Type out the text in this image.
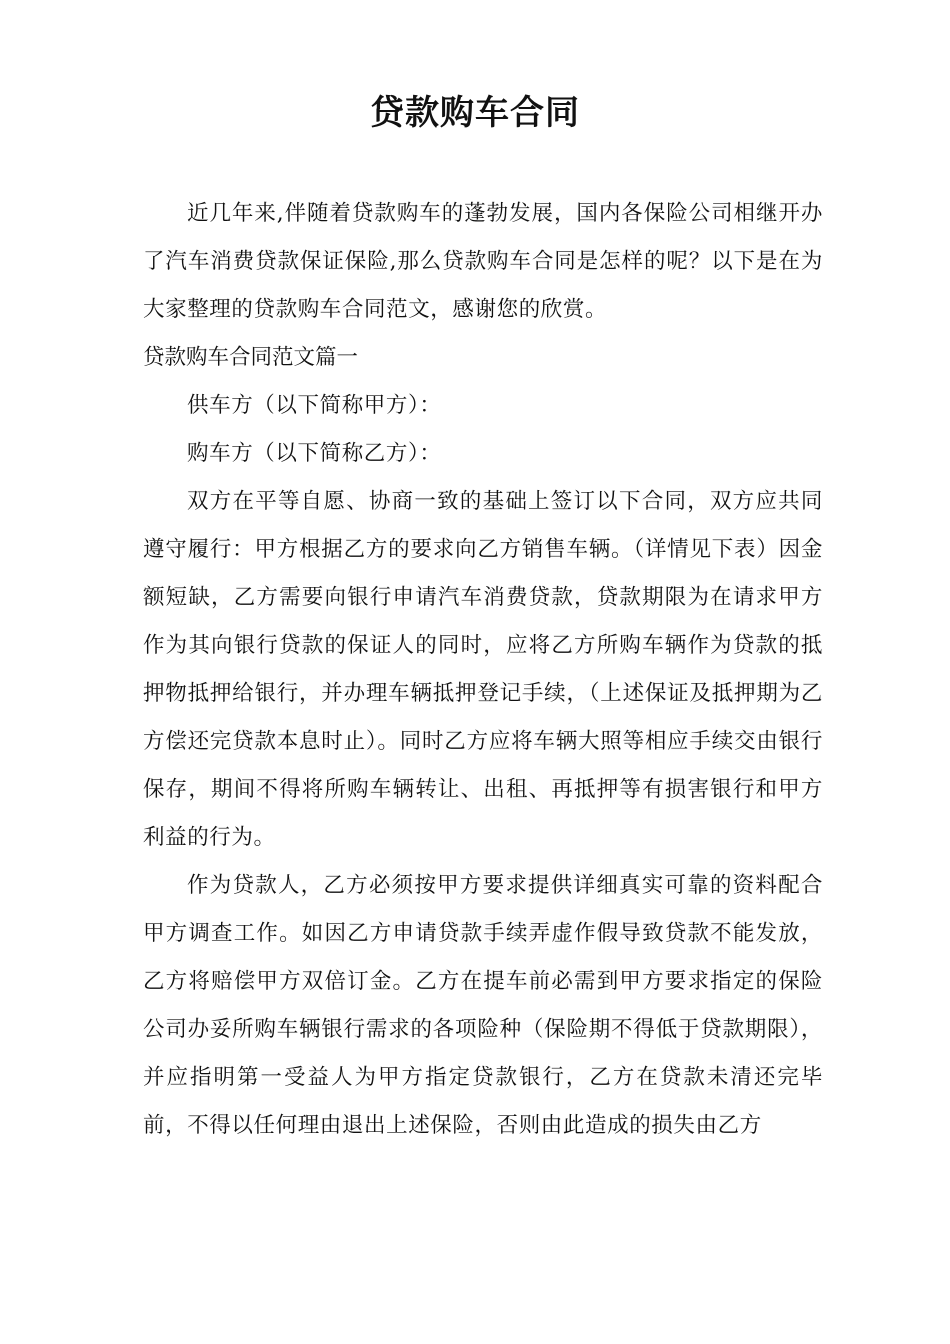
贷款购车合同

近几年来,伴随着贷款购车的蓬勃发展，国内各保险公司相继开办了汽车消费贷款保证保险,那么贷款购车合同是怎样的呢？以下是在为大家整理的贷款购车合同范文，感谢您的欣赏。

贷款购车合同范文篇一

供车方（以下简称甲方）：

购车方（以下简称乙方）：

双方在平等自愿、协商一致的基础上签订以下合同，双方应共同遵守履行：甲方根据乙方的要求向乙方销售车辆。（详情见下表）因金额短缺，乙方需要向银行申请汽车消费贷款，贷款期限为在请求甲方作为其向银行贷款的保证人的同时，应将乙方所购车辆作为贷款的抵押物抵押给银行，并办理车辆抵押登记手续，（上述保证及抵押期为乙方偿还完贷款本息时止）。同时乙方应将车辆大照等相应手续交由银行保存，期间不得将所购车辆转让、出租、再抵押等有损害银行和甲方利益的行为。

作为贷款人，乙方必须按甲方要求提供详细真实可靠的资料配合甲方调查工作。如因乙方申请贷款手续弄虚作假导致贷款不能发放，乙方将赔偿甲方双倍订金。乙方在提车前必需到甲方要求指定的保险公司办妥所购车辆银行需求的各项险种（保险期不得低于贷款期限），并应指明第一受益人为甲方指定贷款银行，乙方在贷款未清还完毕前，不得以任何理由退出上述保险，否则由此造成的损失由乙方
